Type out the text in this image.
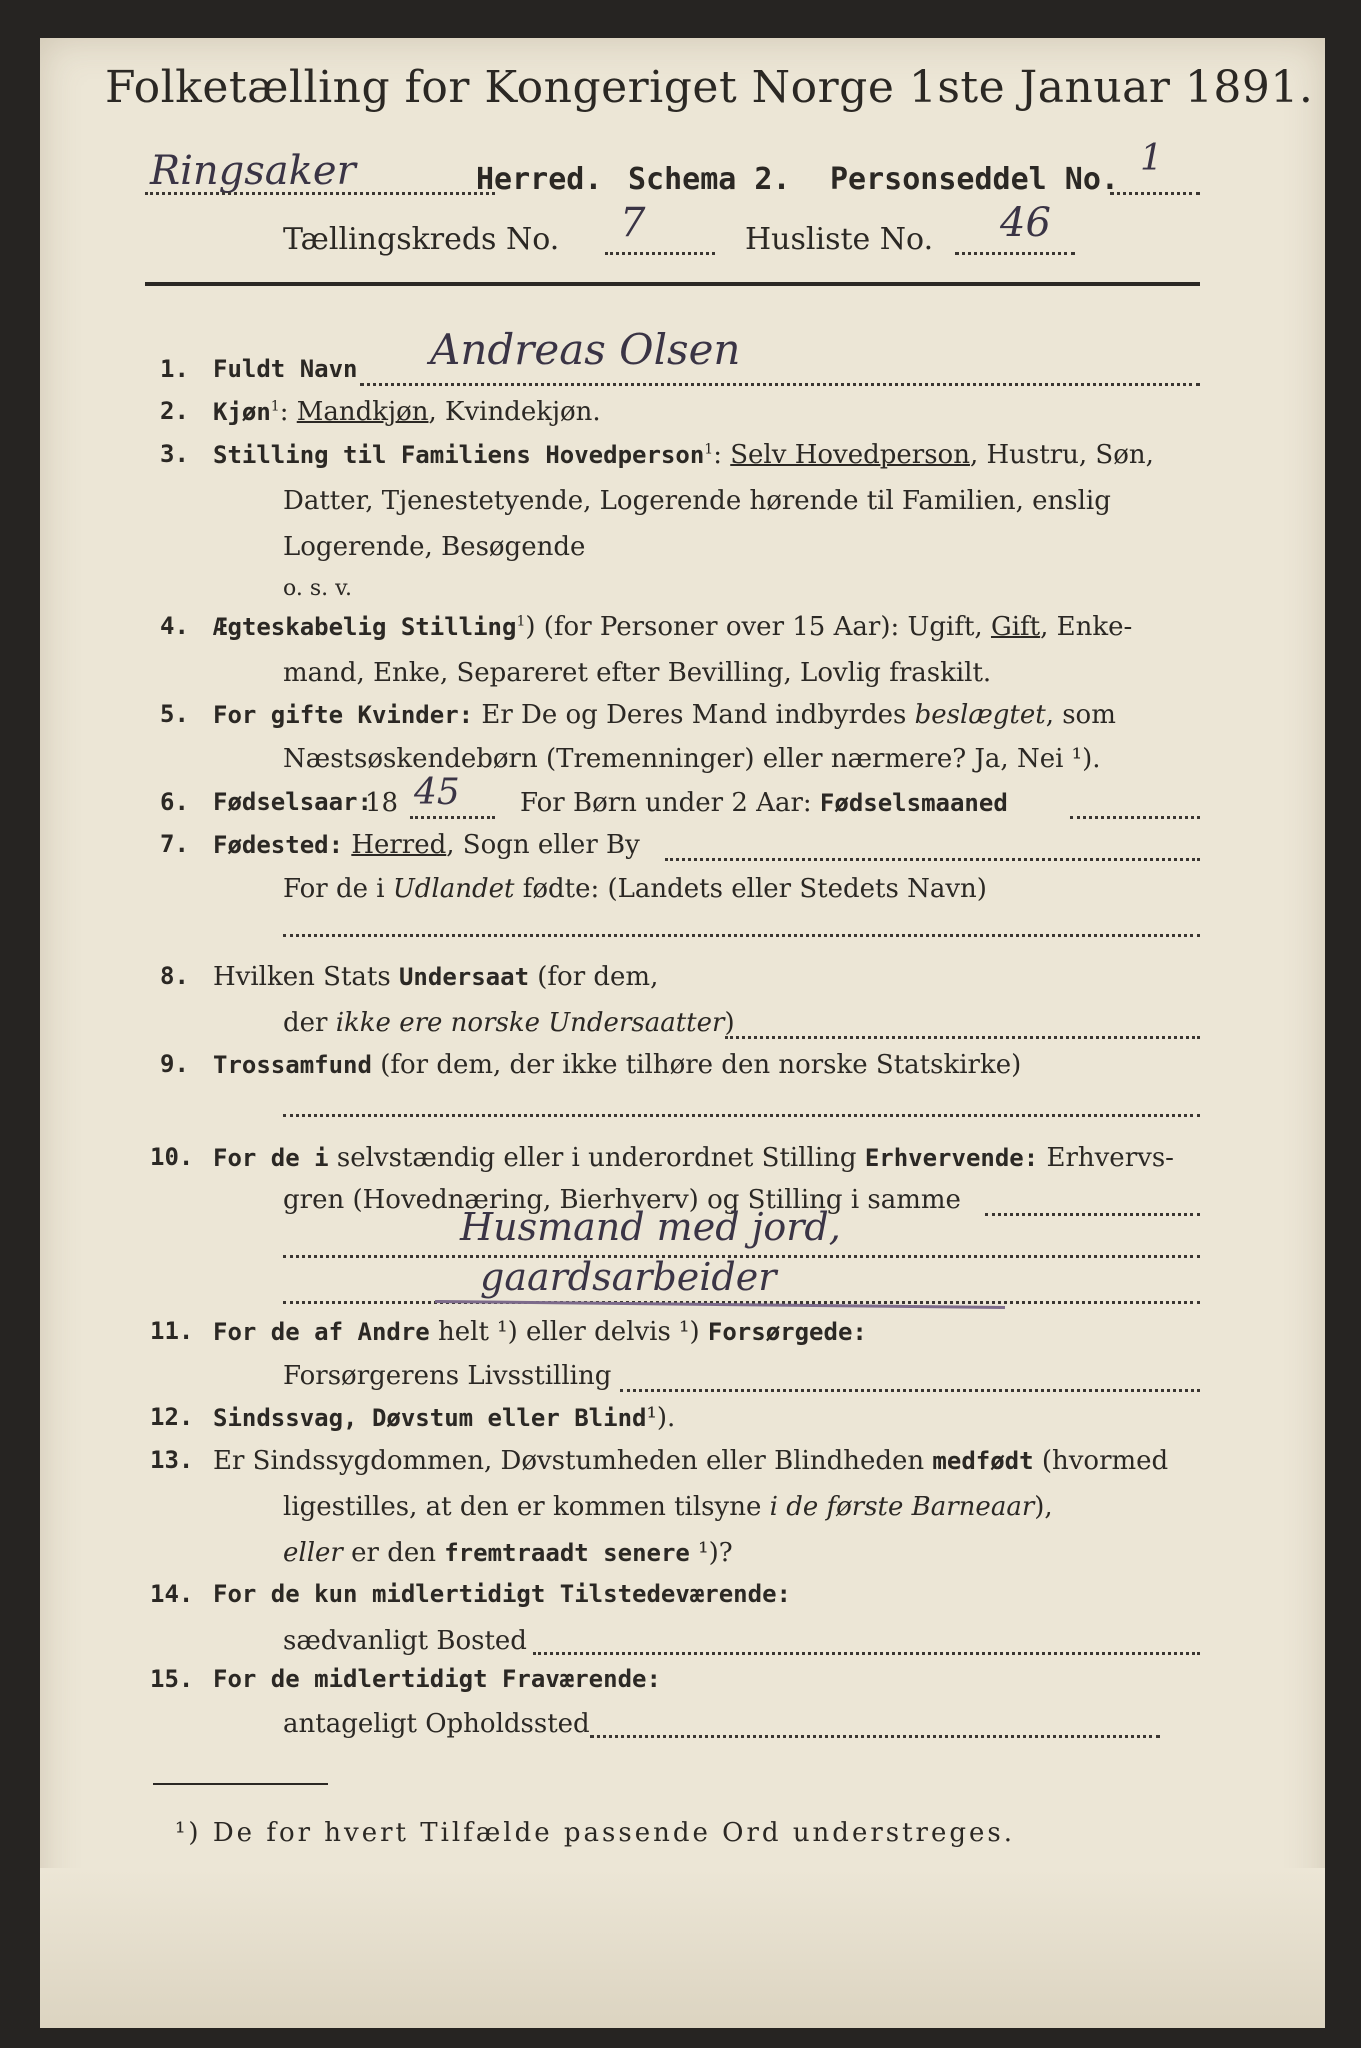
Folketælling for Kongeriget Norge 1ste Januar 1891.
Ringsaker	Herred. Schema 2. Personseddel No.
1
Tællingskreds No. 7	Husliste No. 46
1. Fuldt Navn Andreas Olsen
2. Kjøn$^1$: Mandkjøn, Kvindekjøn.
3. Stilling til Familiens Hovedperson$^1$: Selv Hovedperson, Hustru, Søn,
Datter, Tjenestetyende, Logerende hørende til Familien, enslig
Logerende, Besøgende
o. s. v.
4. Ægteskabelig Stilling$^1$) (for Personer over 15 Aar): Ugift, Gift, Enke-
mand, Enke, Separeret efter Bevilling, Lovlig fraskilt.
5. For gifte Kvinder: Er De og Deres Mand indbyrdes beslægtet, som
Næstsøskendebørn (Tremenninger) eller nærmere? Ja, Nei ¹).
6. Fødselsaar:
18 45 For Børn under 2 Aar: Fødselsmaaned
7. Fødested: Herred, Sogn eller By
For de i Udlandet fødte: (Landets eller Stedets Navn)
8. Hvilken Stats Undersaat (for dem,
der ikke ere norske Undersaatter)
9. Trossamfund (for dem, der ikke tilhøre den norske Statskirke)
10. For de i selvstændig eller i underordnet Stilling Erhvervende: Erhvervs-
gren (Hovednæring, Bierhverv) og Stilling i samme
Husmand med jord,
gaardsarbeider
11. For de af Andre helt ¹) eller delvis ¹) Forsørgede:
Forsørgerens Livsstilling
12. Sindssvag, Døvstum eller Blind¹).
13. Er Sindssygdommen, Døvstumheden eller Blindheden medfødt (hvormed
ligestilles, at den er kommen tilsyne i de første Barneaar),
eller er den fremtraadt senere ¹)?
14. For de kun midlertidigt Tilstedeværende:
sædvanligt Bosted
15. For de midlertidigt Fraværende:
antageligt Opholdssted
¹) De for hvert Tilfælde passende Ord understreges.
